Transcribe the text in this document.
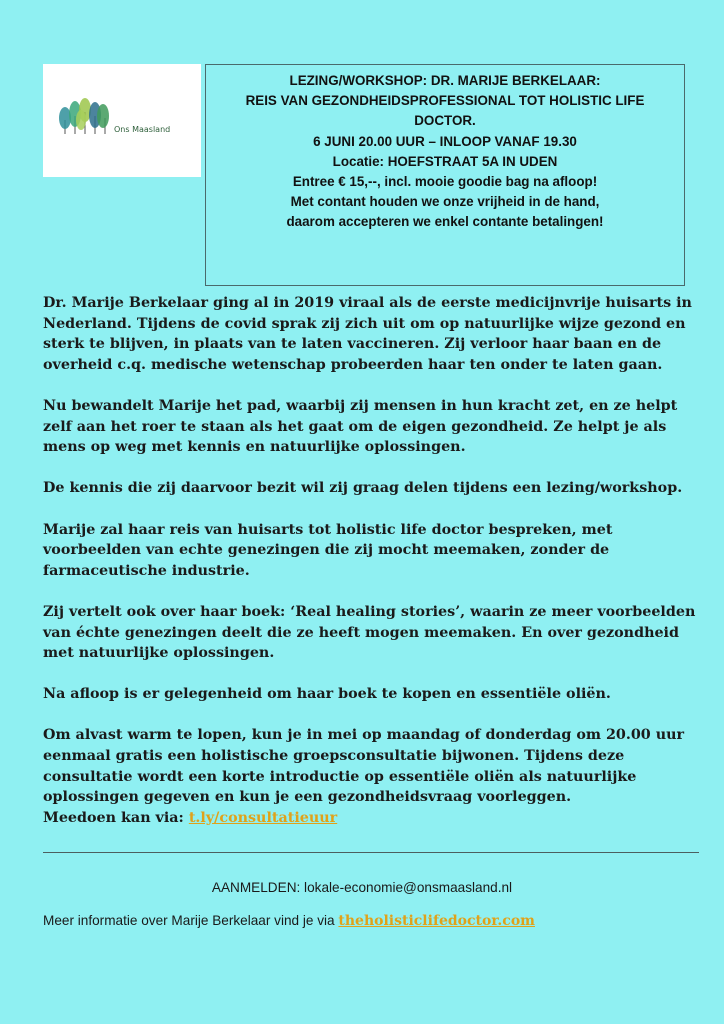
Ons Maasland
LEZING/WORKSHOP: DR. MARIJE BERKELAAR:
REIS VAN GEZONDHEIDSPROFESSIONAL TOT HOLISTIC LIFE
DOCTOR.
6 JUNI 20.00 UUR – INLOOP VANAF 19.30
Locatie: HOEFSTRAAT 5A IN UDEN
Entree € 15,--, incl. mooie goodie bag na afloop!
Met contant houden we onze vrijheid in de hand,
daarom accepteren we enkel contante betalingen!

Dr. Marije Berkelaar ging al in 2019 viraal als de eerste medicijnvrije huisarts in
Nederland. Tijdens de covid sprak zij zich uit om op natuurlijke wijze gezond en
sterk te blijven, in plaats van te laten vaccineren. Zij verloor haar baan en de
overheid c.q. medische wetenschap probeerden haar ten onder te laten gaan.

Nu bewandelt Marije het pad, waarbij zij mensen in hun kracht zet, en ze helpt
zelf aan het roer te staan als het gaat om de eigen gezondheid. Ze helpt je als
mens op weg met kennis en natuurlijke oplossingen.

De kennis die zij daarvoor bezit wil zij graag delen tijdens een lezing/workshop.

Marije zal haar reis van huisarts tot holistic life doctor bespreken, met
voorbeelden van echte genezingen die zij mocht meemaken, zonder de
farmaceutische industrie.

Zij vertelt ook over haar boek: ‘Real healing stories’, waarin ze meer voorbeelden
van échte genezingen deelt die ze heeft mogen meemaken. En over gezondheid
met natuurlijke oplossingen.

Na afloop is er gelegenheid om haar boek te kopen en essentiële oliën.

Om alvast warm te lopen, kun je in mei op maandag of donderdag om 20.00 uur
eenmaal gratis een holistische groepsconsultatie bijwonen. Tijdens deze
consultatie wordt een korte introductie op essentiële oliën als natuurlijke
oplossingen gegeven en kun je een gezondheidsvraag voorleggen.
Meedoen kan via: t.ly/consultatieuur

AANMELDEN: lokale-economie@onsmaasland.nl
Meer informatie over Marije Berkelaar vind je via theholisticlifedoctor.com
